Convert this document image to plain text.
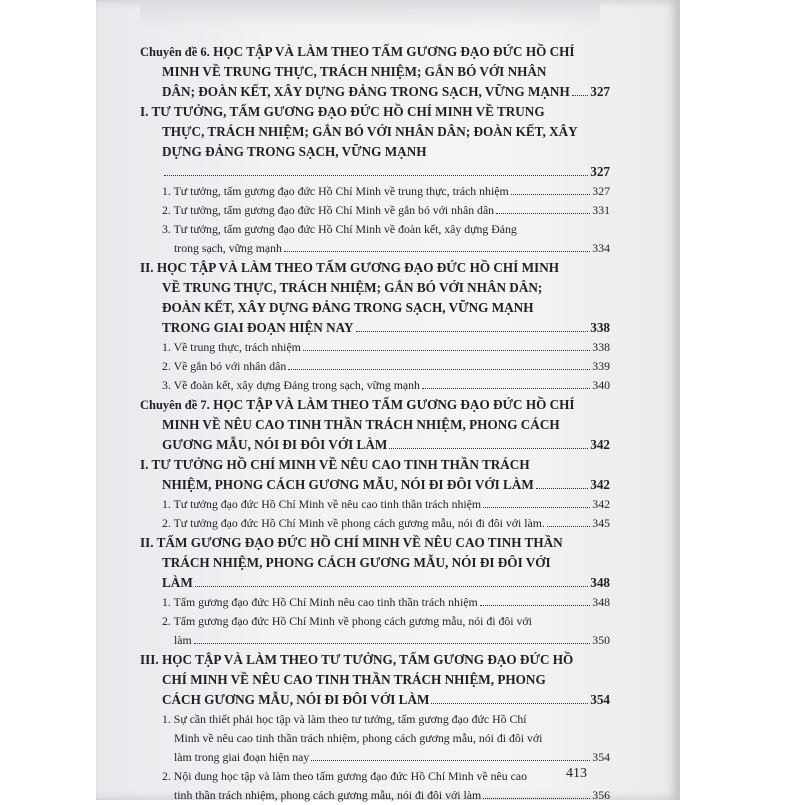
Chuyên đề 6. HỌC TẬP VÀ LÀM THEO TẤM GƯƠNG ĐẠO ĐỨC HỒ CHÍ
MINH VỀ TRUNG THỰC, TRÁCH NHIỆM; GẮN BÓ VỚI NHÂN
DÂN; ĐOÀN KẾT, XÂY DỰNG ĐẢNG TRONG SẠCH, VỮNG MẠNH 327
I. TƯ TƯỞNG, TẤM GƯƠNG ĐẠO ĐỨC HỒ CHÍ MINH VỀ TRUNG
THỰC, TRÁCH NHIỆM; GẮN BÓ VỚI NHÂN DÂN; ĐOÀN KẾT, XÂY
DỰNG ĐẢNG TRONG SẠCH, VỮNG MẠNH
327
1. Tư tưởng, tấm gương đạo đức Hồ Chí Minh về trung thực, trách nhiệm	327
2. Tư tưởng, tấm gương đạo đức Hồ Chí Minh về gắn bó với nhân dân	331
3. Tư tưởng, tấm gương đạo đức Hồ Chí Minh về đoàn kết, xây dựng Đảng
trong sạch, vững mạnh	334
II. HỌC TẬP VÀ LÀM THEO TẤM GƯƠNG ĐẠO ĐỨC HỒ CHÍ MINH
VỀ TRUNG THỰC, TRÁCH NHIỆM; GẮN BÓ VỚI NHÂN DÂN;
ĐOÀN KẾT, XÂY DỰNG ĐẢNG TRONG SẠCH, VỮNG MẠNH
TRONG GIAI ĐOẠN HIỆN NAY	338
1. Về trung thực, trách nhiệm	338
2. Về gắn bó với nhân dân	339
3. Về đoàn kết, xây dựng Đảng trong sạch, vững mạnh	340
Chuyên đề 7. HỌC TẬP VÀ LÀM THEO TẤM GƯƠNG ĐẠO ĐỨC HỒ CHÍ
MINH VỀ NÊU CAO TINH THẦN TRÁCH NHIỆM, PHONG CÁCH
GƯƠNG MẪU, NÓI ĐI ĐÔI VỚI LÀM	342
I. TƯ TƯỞNG HỒ CHÍ MINH VỀ NÊU CAO TINH THẦN TRÁCH
NHIỆM, PHONG CÁCH GƯƠNG MẪU, NÓI ĐI ĐÔI VỚI LÀM	342
1. Tư tưởng đạo đức Hồ Chí Minh về nêu cao tinh thần trách nhiệm	342
2. Tư tưởng đạo đức Hồ Chí Minh về phong cách gương mẫu, nói đi đôi với làm.	345
II. TẤM GƯƠNG ĐẠO ĐỨC HỒ CHÍ MINH VỀ NÊU CAO TINH THẦN
TRÁCH NHIỆM, PHONG CÁCH GƯƠNG MẪU, NÓI ĐI ĐÔI VỚI
LÀM	348
1. Tấm gương đạo đức Hồ Chí Minh nêu cao tinh thần trách nhiệm	348
2. Tấm gương đạo đức Hồ Chí Minh về phong cách gương mẫu, nói đi đôi với
làm	350
III. HỌC TẬP VÀ LÀM THEO TƯ TƯỞNG, TẤM GƯƠNG ĐẠO ĐỨC HỒ
CHÍ MINH VỀ NÊU CAO TINH THẦN TRÁCH NHIỆM, PHONG
CÁCH GƯƠNG MẪU, NÓI ĐI ĐÔI VỚI LÀM	354
1. Sự cần thiết phải học tập và làm theo tư tưởng, tấm gương đạo đức Hồ Chí
Minh về nêu cao tinh thần trách nhiệm, phong cách gương mẫu, nói đi đôi với
làm trong giai đoạn hiện nay	354
2. Nội dung học tập và làm theo tấm gương đạo đức Hồ Chí Minh về nêu cao
tinh thần trách nhiệm, phong cách gương mẫu, nói đi đôi với làm	356
413
